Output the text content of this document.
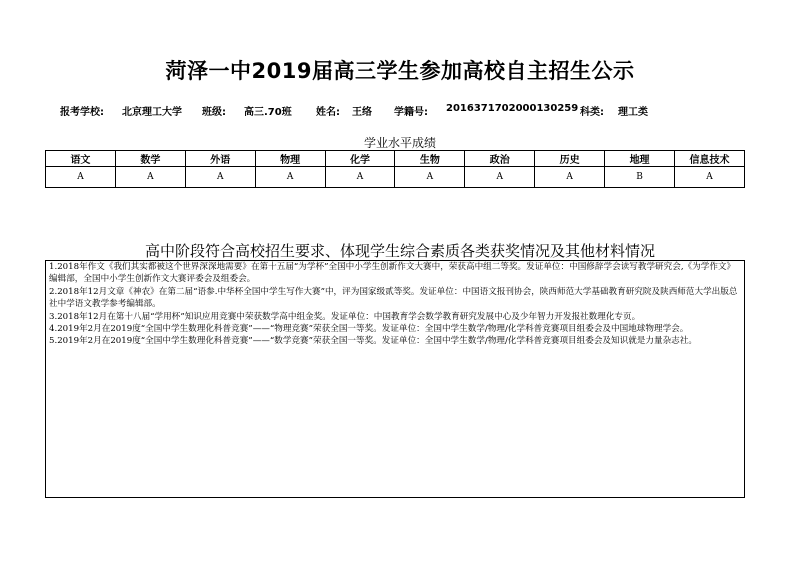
菏泽一中2019届高三学生参加高校自主招生公示
报考学校: 北京理工大学 班级: 高三.70班 姓名: 王络 学籍号: 2016371702000130259 科类: 理工类
学业水平成绩
语文	数学	外语	物理	化学	生物	政治	历史	地理	信息技术
A	A	A	A	A	A	A	A	B	A
高中阶段符合高校招生要求、体现学生综合素质各类获奖情况及其他材料情况
1.2018年作文《我们其实都被这个世界深深地需要》在第十五届“为学杯”全国中小学生创新作文大赛中，荣获高中组二等奖。发证单位：中国修辞学会读写教学研究会,《为学作文》编辑部，全国中小学生创新作文大赛评委会及组委会。
2.2018年12月文章《神农》在第二届“语参.中华杯全国中学生写作大赛”中，评为国家级贰等奖。发证单位：中国语文报刊协会，陕西师范大学基础教育研究院及陕西师范大学出版总社中学语文教学参考编辑部。
3.2018年12月在第十八届“学用杯”知识应用竞赛中荣获数学高中组金奖。发证单位：中国教育学会数学教育研究发展中心及少年智力开发报社数理化专页。
4.2019年2月在2019度“全国中学生数理化科普竞赛”——“物理竞赛”荣获全国一等奖。发证单位：全国中学生数学/物理/化学科普竞赛项目组委会及中国地球物理学会。
5.2019年2月在2019度“全国中学生数理化科普竞赛”——“数学竞赛”荣获全国一等奖。发证单位：全国中学生数学/物理/化学科普竞赛项目组委会及知识就是力量杂志社。
